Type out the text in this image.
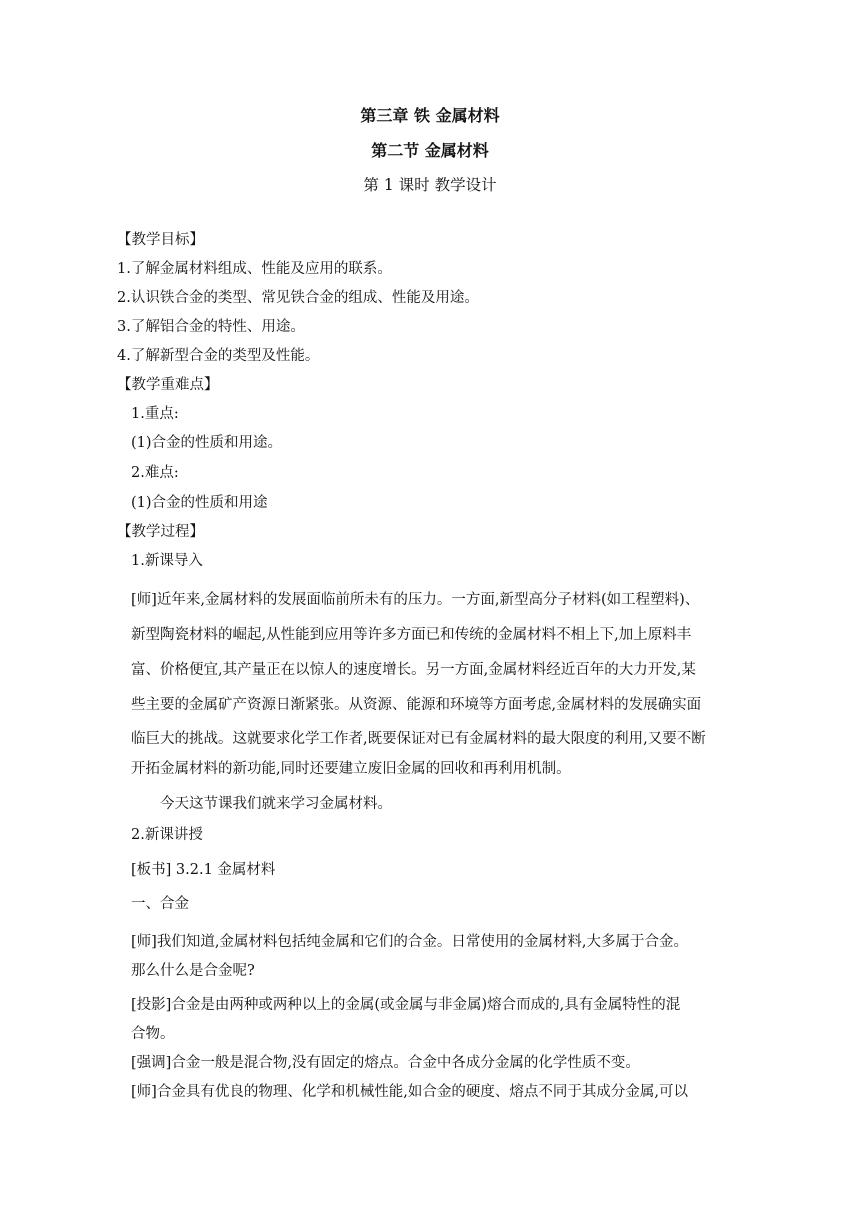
第三章 铁 金属材料
第二节 金属材料
第 1 课时 教学设计
【教学目标】
1.了解金属材料组成、性能及应用的联系。
2.认识铁合金的类型、常见铁合金的组成、性能及用途。
3.了解铝合金的特性、用途。
4.了解新型合金的类型及性能。
【教学重难点】
1.重点:
(1)合金的性质和用途。
2.难点:
(1)合金的性质和用途
【教学过程】
1.新课导入
[师]近年来,金属材料的发展面临前所未有的压力。一方面,新型高分子材料(如工程塑料)、
新型陶瓷材料的崛起,从性能到应用等许多方面已和传统的金属材料不相上下,加上原料丰
富、价格便宜,其产量正在以惊人的速度增长。另一方面,金属材料经近百年的大力开发,某
些主要的金属矿产资源日渐紧张。从资源、能源和环境等方面考虑,金属材料的发展确实面
临巨大的挑战。这就要求化学工作者,既要保证对已有金属材料的最大限度的利用,又要不断
开拓金属材料的新功能,同时还要建立废旧金属的回收和再利用机制。
今天这节课我们就来学习金属材料。
2.新课讲授
[板书] 3.2.1 金属材料
一、合金
[师]我们知道,金属材料包括纯金属和它们的合金。日常使用的金属材料,大多属于合金。
那么什么是合金呢?
[投影]合金是由两种或两种以上的金属(或金属与非金属)熔合而成的,具有金属特性的混
合物。
[强调]合金一般是混合物,没有固定的熔点。合金中各成分金属的化学性质不变。
[师]合金具有优良的物理、化学和机械性能,如合金的硬度、熔点不同于其成分金属,可以
